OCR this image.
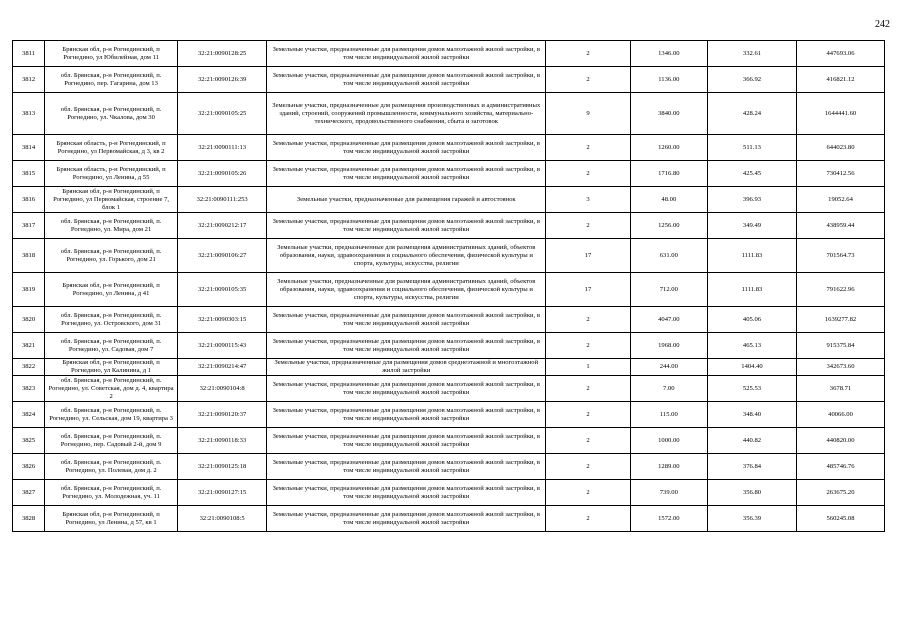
242
3811	Брянская обл, р-н Рогнединский, п Рогнедино, ул Юбилейная, дом 11	32:21:0090128:25	Земельные участки, предназначенные для размещения домов малоэтажной жилой застройки, в том числе индивидуальной жилой застройки	2	1346.00	332.61	447693.06
3812	обл. Брянская, р-н Рогнединский, п. Рогнедино, пер. Гагарина, дом 13	32:21:0090126:39	Земельные участки, предназначенные для размещения домов малоэтажной жилой застройки, в том числе индивидуальной жилой застройки	2	1136.00	366.92	416821.12
3813	обл. Брянская, р-н Рогнединский, п. Рогнедино, ул. Чкалова, дом 30	32:21:0090105:25	Земельные участки, предназначенные для размещения производственных и административных зданий, строений, сооружений промышленности, коммунального хозяйства, материально-технического, продовольственного снабжения, сбыта и заготовок	9	3840.00	428.24	1644441.60
3814	Брянская область, р-н Рогнединский, п Рогнедино, ул Первомайская, д 3, кв 2	32:21:0090111:13	Земельные участки, предназначенные для размещения домов малоэтажной жилой застройки, в том числе индивидуальной жилой застройки	2	1260.00	511.13	644023.80
3815	Брянская область, р-н Рогнединский, п Рогнедино, ул Ленина, д 55	32:21:0090105:26	Земельные участки, предназначенные для размещения домов малоэтажной жилой застройки, в том числе индивидуальной жилой застройки	2	1716.80	425.45	730412.56
3816	Брянская обл, р-н Рогнединский, п Рогнедино, ул Первомайская, строение 7, блок 1	32:21:0090111:253	Земельные участки, предназначенные для размещения гаражей и автостоянок	3	48.00	396.93	19052.64
3817	обл. Брянская, р-н Рогнединский, п. Рогнедино, ул. Мира, дом 21	32:21:0090212:17	Земельные участки, предназначенные для размещения домов малоэтажной жилой застройки, в том числе индивидуальной жилой застройки	2	1256.00	349.49	438959.44
3818	обл. Брянская, р-н Рогнединский, п. Рогнедино, ул. Горького, дом 21	32:21:0090106:27	Земельные участки, предназначенные для размещения административных зданий, объектов образования, науки, здравоохранения и социального обеспечения, физической культуры и спорта, культуры, искусства, религии	17	631.00	1111.83	701564.73
3819	Брянская обл, р-н Рогнединский, п Рогнедино, ул Ленина, д 41	32:21:0090105:35	Земельные участки, предназначенные для размещения административных зданий, объектов образования, науки, здравоохранения и социального обеспечения, физической культуры и спорта, культуры, искусства, религии	17	712.00	1111.83	791622.96
3820	обл. Брянская, р-н Рогнединский, п. Рогнедино, ул. Островского, дом 31	32:21:0090303:15	Земельные участки, предназначенные для размещения домов малоэтажной жилой застройки, в том числе индивидуальной жилой застройки	2	4047.00	405.06	1639277.82
3821	обл. Брянская, р-н Рогнединский, п. Рогнедино, ул. Садовая, дом 7	32:21:0090115:43	Земельные участки, предназначенные для размещения домов малоэтажной жилой застройки, в том числе индивидуальной жилой застройки	2	1968.00	465.13	915375.84
3822	Брянская обл, р-н Рогнединский, п Рогнедино, ул Калинина, д 1	32:21:0090214:47	Земельные участки, предназначенные для размещения домов среднеэтажной и многоэтажной жилой застройки	1	244.00	1404.40	342673.60
3823	обл. Брянская, р-н Рогнединский, п. Рогнедино, ул. Советская, дом д. 4, квартира 2	32:21:0090104:8	Земельные участки, предназначенные для размещения домов малоэтажной жилой застройки, в том числе индивидуальной жилой застройки	2	7.00	525.53	3678.71
3824	обл. Брянская, р-н Рогнединский, п. Рогнедино, ул. Сельская, дом 19, квартира 3	32:21:0090120:37	Земельные участки, предназначенные для размещения домов малоэтажной жилой застройки, в том числе индивидуальной жилой застройки	2	115.00	348.40	40066.00
3825	обл. Брянская, р-н Рогнединский, п. Рогнедино, пер. Садовый 2-й, дом 9	32:21:0090118:33	Земельные участки, предназначенные для размещения домов малоэтажной жилой застройки, в том числе индивидуальной жилой застройки	2	1000.00	440.82	440820.00
3826	обл. Брянская, р-н Рогнединский, п. Рогнедино, ул. Полевая, дом д. 2	32:21:0090125:18	Земельные участки, предназначенные для размещения домов малоэтажной жилой застройки, в том числе индивидуальной жилой застройки	2	1289.00	376.84	485746.76
3827	обл. Брянская, р-н Рогнединский, п. Рогнедино, ул. Молодежная, уч. 11	32:21:0090127:15	Земельные участки, предназначенные для размещения домов малоэтажной жилой застройки, в том числе индивидуальной жилой застройки	2	739.00	356.80	263675.20
3828	Брянская обл, р-н Рогнединский, п Рогнедино, ул Ленина, д 57, кв 1	32:21:0090108:5	Земельные участки, предназначенные для размещения домов малоэтажной жилой застройки, в том числе индивидуальной жилой застройки	2	1572.00	356.39	560245.08
